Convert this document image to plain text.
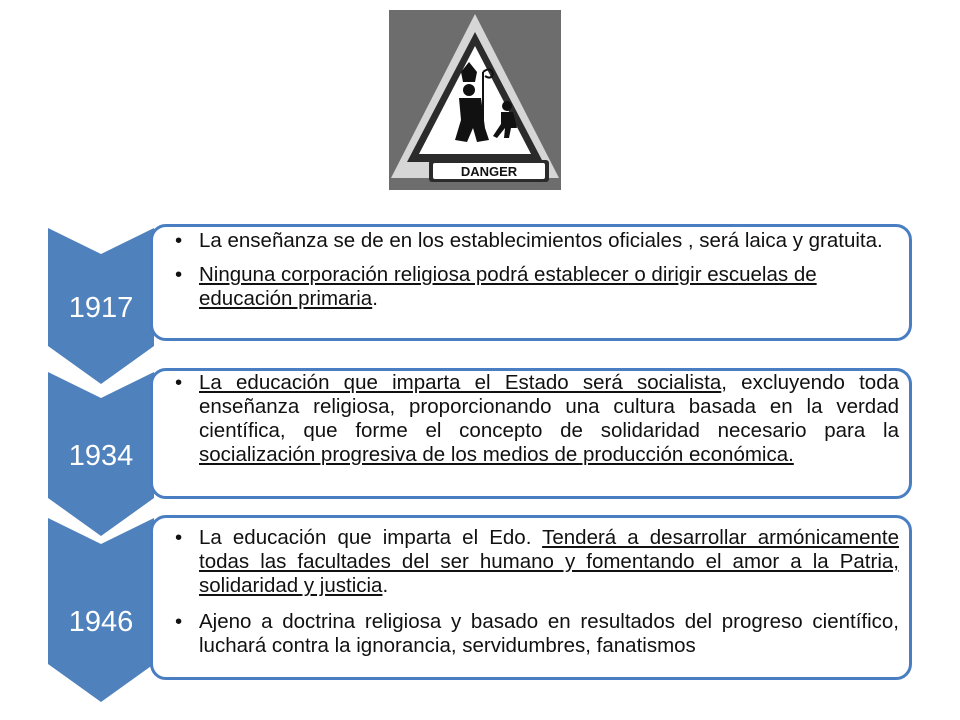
DANGER
1917
• La enseñanza se de en los establecimientos oficiales , será laica y gratuita.
• Ninguna corporación religiosa podrá establecer o dirigir escuelas de educación primaria.
1934
• La educación que imparta el Estado será socialista, excluyendo toda enseñanza religiosa, proporcionando una cultura basada en la verdad científica, que forme el concepto de solidaridad necesario para la socialización progresiva de los medios de producción económica.
1946
• La educación que imparta el Edo. Tenderá a desarrollar armónicamente todas las facultades del ser humano y fomentando el amor a la Patria, solidaridad y justicia.
• Ajeno a doctrina religiosa y basado en resultados del progreso científico, luchará contra la ignorancia, servidumbres, fanatismos
